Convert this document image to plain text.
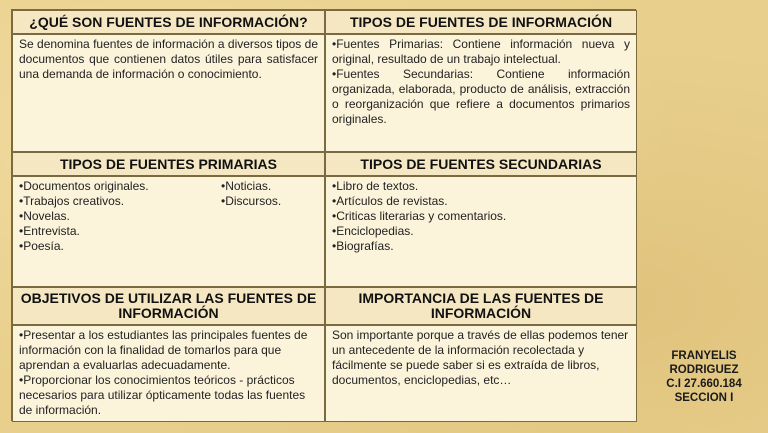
¿QUÉ SON FUENTES DE INFORMACIÓN?	TIPOS DE FUENTES DE INFORMACIÓN
Se denomina fuentes de información a diversos tipos de documentos que contienen datos útiles para satisfacer una demanda de información o conocimiento.
•Fuentes Primarias: Contiene información nueva y original, resultado de un trabajo intelectual.
•Fuentes Secundarias: Contiene información organizada, elaborada, producto de análisis, extracción o reorganización que refiere a documentos primarios originales.
TIPOS DE FUENTES PRIMARIAS	TIPOS DE FUENTES SECUNDARIAS
•Documentos originales.
•Trabajos creativos.
•Novelas.
•Entrevista.
•Poesía.
•Noticias.
•Discursos.
•Libro de textos.
•Artículos de revistas.
•Criticas literarias y comentarios.
•Enciclopedias.
•Biografías.
OBJETIVOS DE UTILIZAR LAS FUENTES DE INFORMACIÓN
IMPORTANCIA DE LAS FUENTES DE INFORMACIÓN
•Presentar a los estudiantes las principales fuentes de información con la finalidad de tomarlos para que aprendan a evaluarlas adecuadamente.
•Proporcionar los conocimientos teóricos - prácticos necesarios para utilizar ópticamente todas las fuentes de información.
Son importante porque a través de ellas podemos tener un antecedente de la información recolectada y fácilmente se puede saber si es extraída de libros, documentos, enciclopedias, etc…
FRANYELIS
RODRIGUEZ
C.I 27.660.184
SECCION I
